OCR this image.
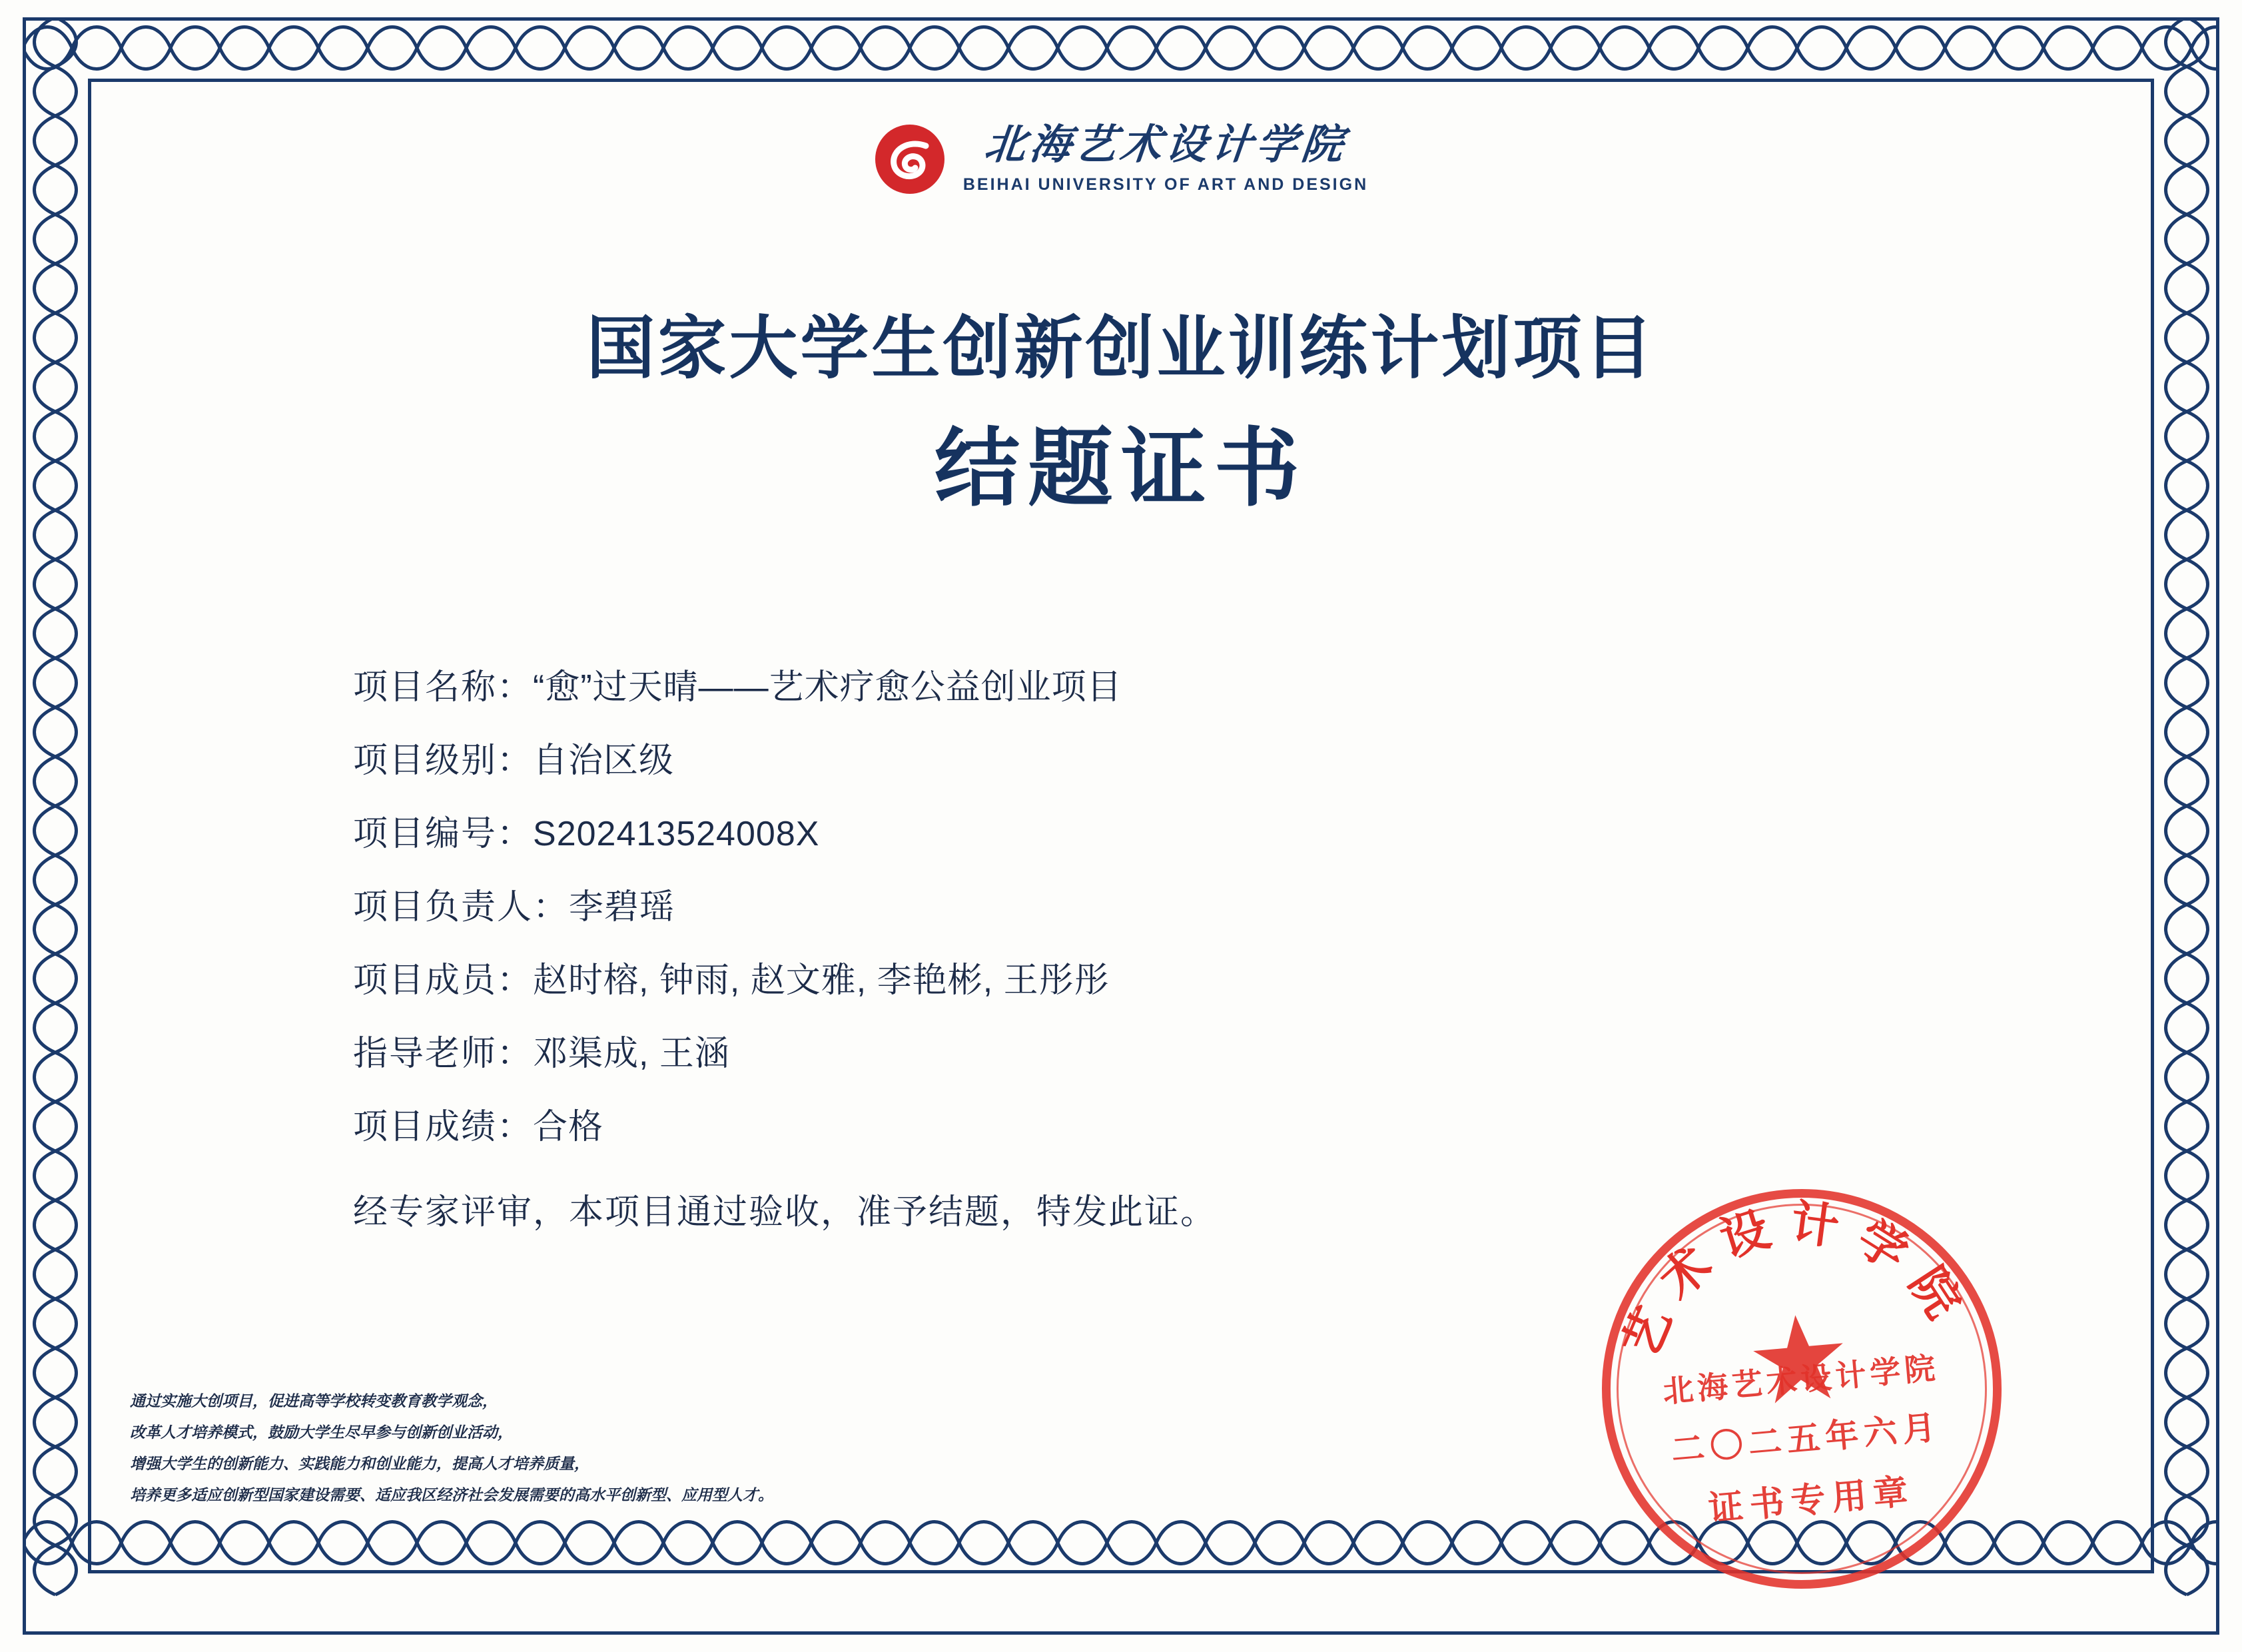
北海艺术设计学院
BEIHAI UNIVERSITY OF ART AND DESIGN
国家大学生创新创业训练计划项目
结题证书
项目名称： “愈”过天晴——艺术疗愈公益创业项目
项目级别： 自治区级
项目编号： S202413524008X
项目负责人： 李碧瑶
项目成员： 赵时榕, 钟雨, 赵文雅, 李艳彬, 王彤彤
指导老师： 邓渠成, 王涵
项目成绩： 合格
经专家评审，本项目通过验收，准予结题，特发此证。
通过实施大创项目，促进高等学校转变教育教学观念，
改革人才培养模式，鼓励大学生尽早参与创新创业活动，
增强大学生的创新能力、实践能力和创业能力，提高人才培养质量，
培养更多适应创新型国家建设需要、适应我区经济社会发展需要的高水平创新型、应用型人才。
艺术设计学院
北海艺术设计学院
二〇二五年六月
证书专用章
